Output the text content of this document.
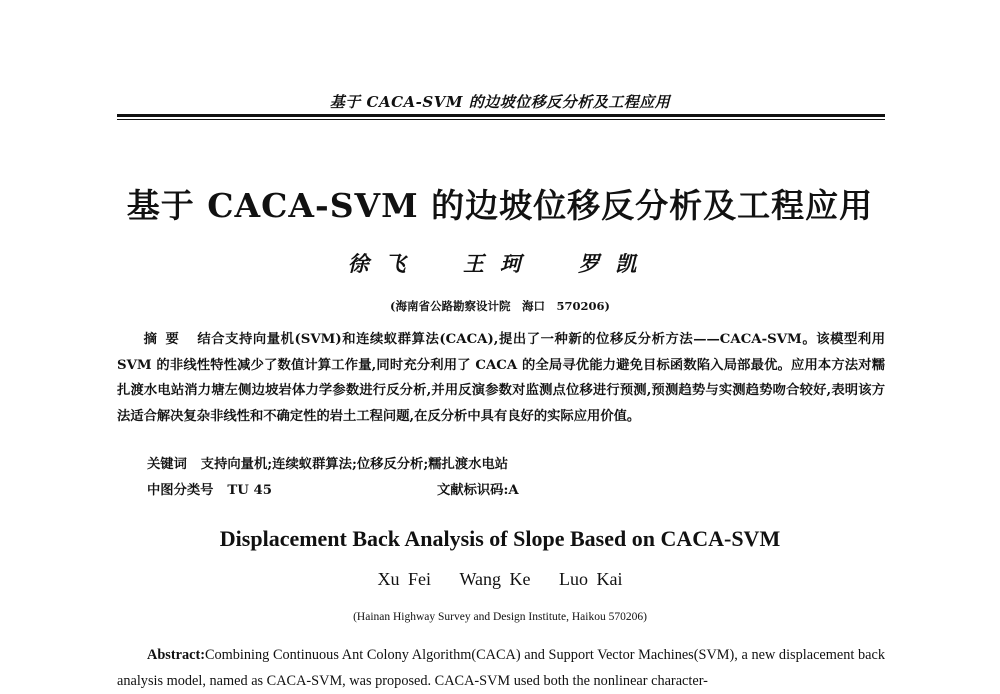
基于 CACA-SVM 的边坡位移反分析及工程应用
基于 CACA-SVM 的边坡位移反分析及工程应用
徐飞 王珂 罗凯
(海南省公路勘察设计院　海口　570206)
摘要 结合支持向量机(SVM)和连续蚁群算法(CACA),提出了一种新的位移反分析方法——CACA-SVM。该模型利用 SVM 的非线性特性减少了数值计算工作量,同时充分利用了 CACA 的全局寻优能力避免目标函数陷入局部最优。应用本方法对糯扎渡水电站消力塘左侧边坡岩体力学参数进行反分析,并用反演参数对监测点位移进行预测,预测趋势与实测趋势吻合较好,表明该方法适合解决复杂非线性和不确定性的岩土工程问题,在反分析中具有良好的实际应用价值。
关键词 支持向量机;连续蚁群算法;位移反分析;糯扎渡水电站
中图分类号 TU 45	文献标识码:A
Displacement Back Analysis of Slope Based on CACA-SVM
Xu Fei Wang Ke Luo Kai
(Hainan Highway Survey and Design Institute, Haikou 570206)
Abstract:Combining Continuous Ant Colony Algorithm(CACA) and Support Vector Machines(SVM), a new displacement back analysis model, named as CACA-SVM, was proposed. CACA-SVM used both the nonlinear character-
